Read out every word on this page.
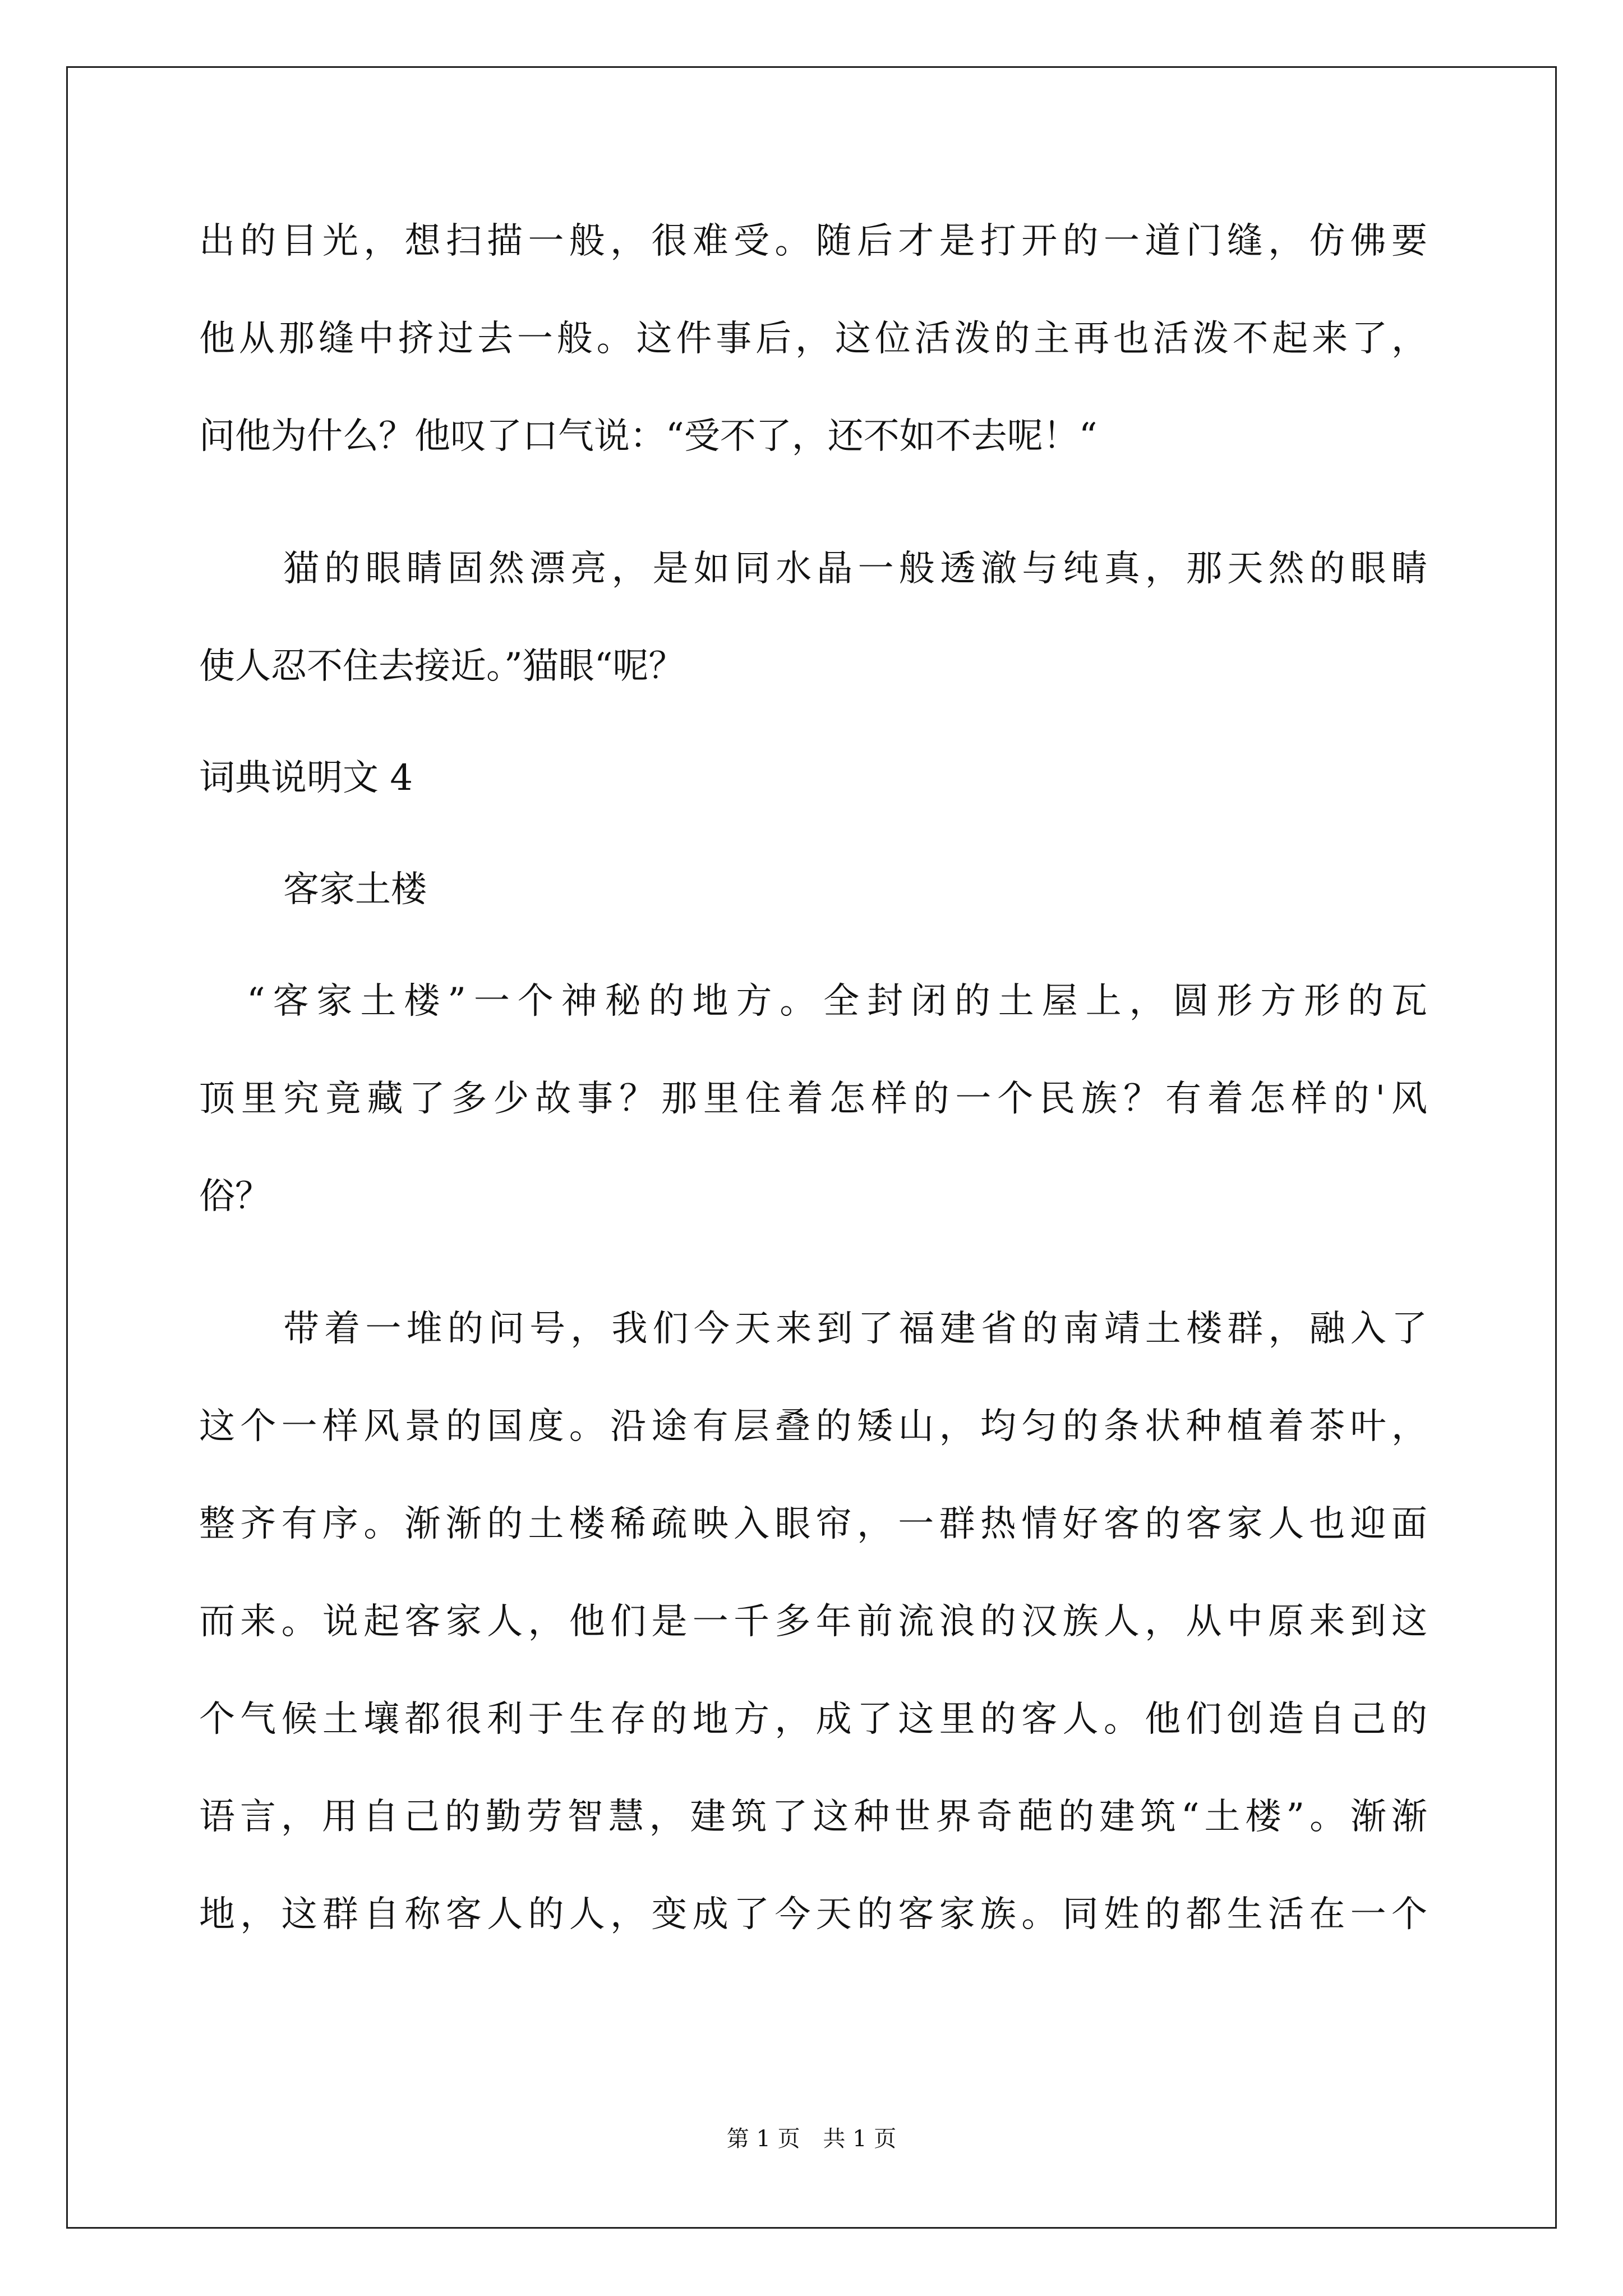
出的目光，想扫描一般，很难受。随后才是打开的一道门缝，仿佛要
他从那缝中挤过去一般。这件事后，这位活泼的主再也活泼不起来了，
问他为什么？他叹了口气说：“受不了，还不如不去呢！“
猫的眼睛固然漂亮，是如同水晶一般透澈与纯真，那天然的眼睛
使人忍不住去接近。”猫眼“呢？
词典说明文 4
客家土楼
“客家土楼”一个神秘的地方。全封闭的土屋上，圆形方形的瓦
顶里究竟藏了多少故事？那里住着怎样的一个民族？有着怎样的'风
俗？
带着一堆的问号，我们今天来到了福建省的南靖土楼群，融入了
这个一样风景的国度。沿途有层叠的矮山，均匀的条状种植着茶叶，
整齐有序。渐渐的土楼稀疏映入眼帘，一群热情好客的客家人也迎面
而来。说起客家人，他们是一千多年前流浪的汉族人，从中原来到这
个气候土壤都很利于生存的地方，成了这里的客人。他们创造自己的
语言，用自己的勤劳智慧，建筑了这种世界奇葩的建筑“土楼”。渐渐
地，这群自称客人的人，变成了今天的客家族。同姓的都生活在一个
第 1 页 共 1 页
